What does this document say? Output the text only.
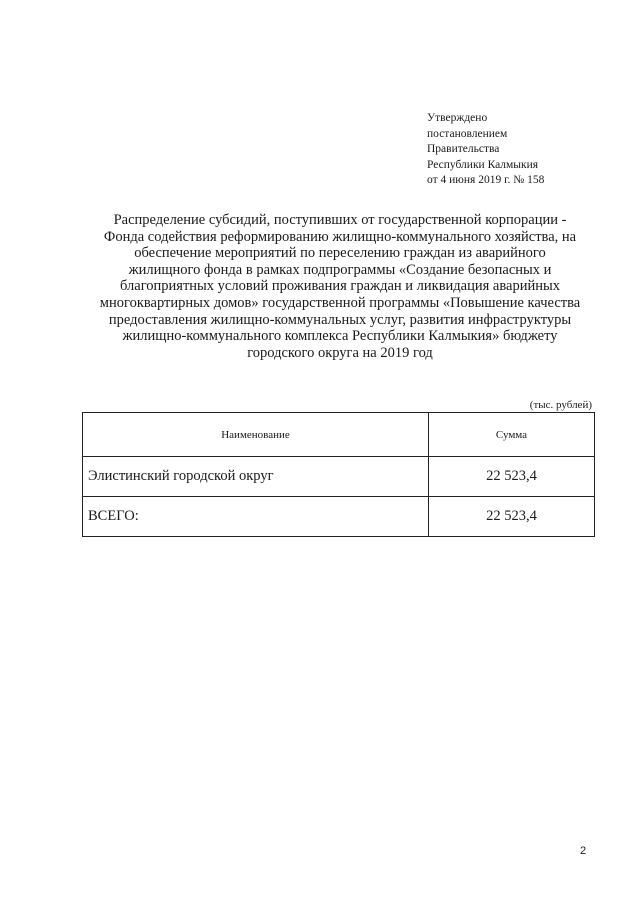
Утверждено
постановлением
Правительства
Республики Калмыкия
от 4 июня 2019 г. № 158
Распределение субсидий, поступивших от государственной корпорации -
Фонда содействия реформированию жилищно-коммунального хозяйства, на
обеспечение мероприятий по переселению граждан из аварийного
жилищного фонда в рамках подпрограммы «Создание безопасных и
благоприятных условий проживания граждан и ликвидация аварийных
многоквартирных домов» государственной программы «Повышение качества
предоставления жилищно-коммунальных услуг, развития инфраструктуры
жилищно-коммунального комплекса Республики Калмыкия» бюджету
городского округа на 2019 год
(тыс. рублей)
Наименование	Сумма
Элистинский городской округ	22 523,4
ВСЕГО:	22 523,4
2
